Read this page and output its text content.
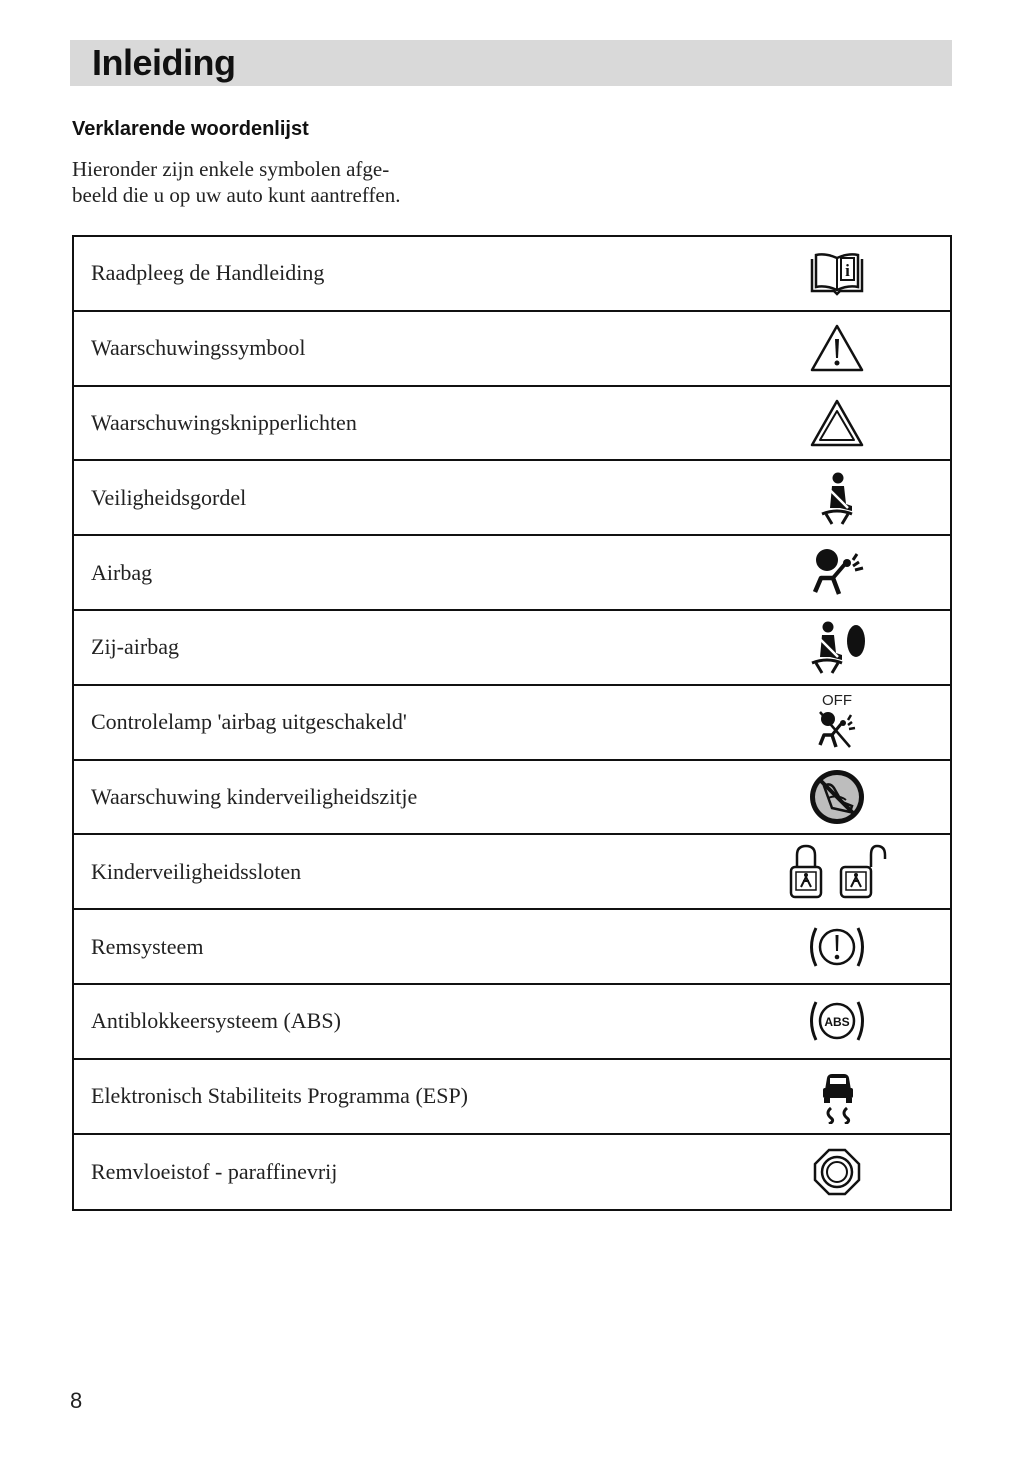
Inleiding
Verklarende woordenlijst
Hieronder zijn enkele symbolen afge-
beeld die u op uw auto kunt aantreffen.
Raadpleeg de Handleiding	i
Waarschuwingssymbool
Waarschuwingsknipperlichten
Veiligheidsgordel
Airbag
Zij-airbag
Controlelamp 'airbag uitgeschakeld'
OFF
Waarschuwing kinderveiligheidszitje
Kinderveiligheidssloten
Remsysteem
Antiblokkeersysteem (ABS)	ABS
Elektronisch Stabiliteits Programma (ESP)
Remvloeistof - paraffinevrij
8
